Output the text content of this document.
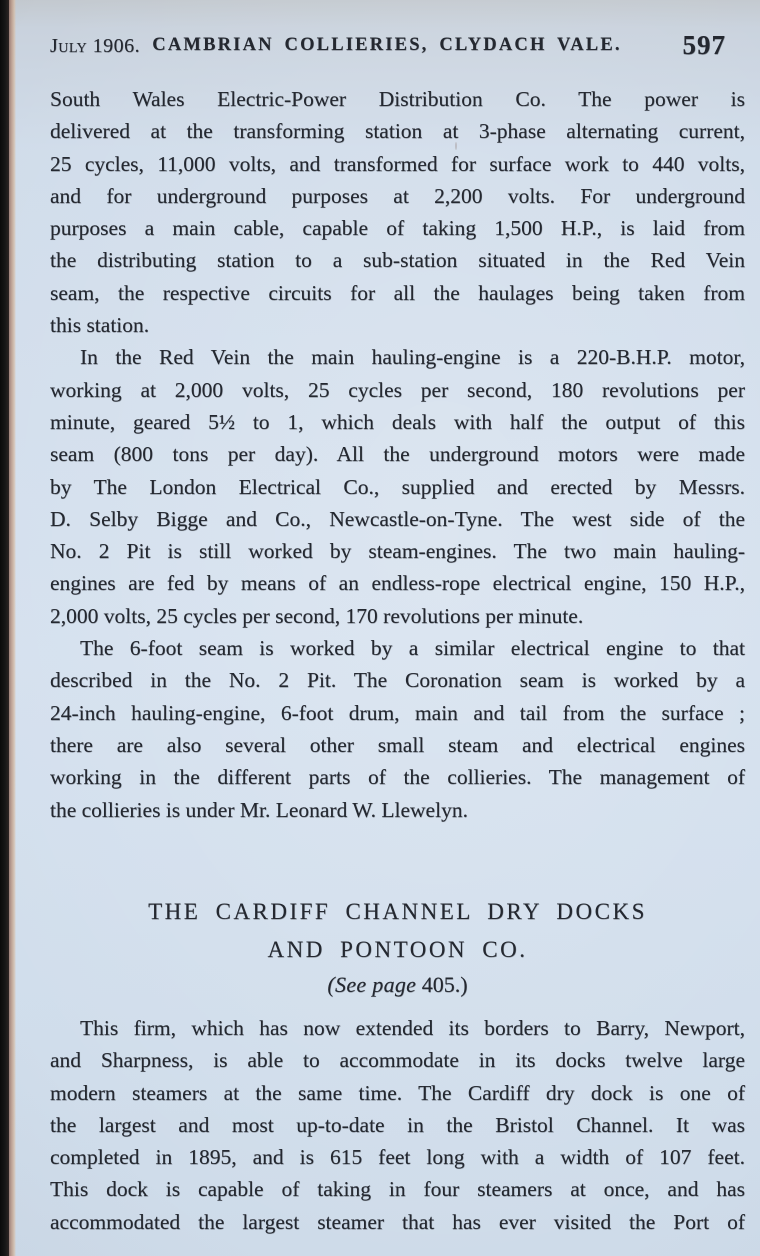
July 1906. CAMBRIAN COLLIERIES, CLYDACH VALE.	597
South Wales Electric-Power Distribution Co. The power is
delivered at the transforming station at 3-phase alternating current,
25 cycles, 11,000 volts, and transformed for surface work to 440 volts,
and for underground purposes at 2,200 volts. For underground
purposes a main cable, capable of taking 1,500 H.P., is laid from
the distributing station to a sub-station situated in the Red Vein
seam, the respective circuits for all the haulages being taken from
this station.
In the Red Vein the main hauling-engine is a 220-B.H.P. motor,
working at 2,000 volts, 25 cycles per second, 180 revolutions per
minute, geared 5½ to 1, which deals with half the output of this
seam (800 tons per day). All the underground motors were made
by The London Electrical Co., supplied and erected by Messrs.
D. Selby Bigge and Co., Newcastle-on-Tyne. The west side of the
No. 2 Pit is still worked by steam-engines. The two main hauling-
engines are fed by means of an endless-rope electrical engine, 150 H.P.,
2,000 volts, 25 cycles per second, 170 revolutions per minute.
The 6-foot seam is worked by a similar electrical engine to that
described in the No. 2 Pit. The Coronation seam is worked by a
24-inch hauling-engine, 6-foot drum, main and tail from the surface ;
there are also several other small steam and electrical engines
working in the different parts of the collieries. The management of
the collieries is under Mr. Leonard W. Llewelyn.
THE CARDIFF CHANNEL DRY DOCKS
AND PONTOON CO.
(See page 405.)
This firm, which has now extended its borders to Barry, Newport,
and Sharpness, is able to accommodate in its docks twelve large
modern steamers at the same time. The Cardiff dry dock is one of
the largest and most up-to-date in the Bristol Channel. It was
completed in 1895, and is 615 feet long with a width of 107 feet.
This dock is capable of taking in four steamers at once, and has
accommodated the largest steamer that has ever visited the Port of
